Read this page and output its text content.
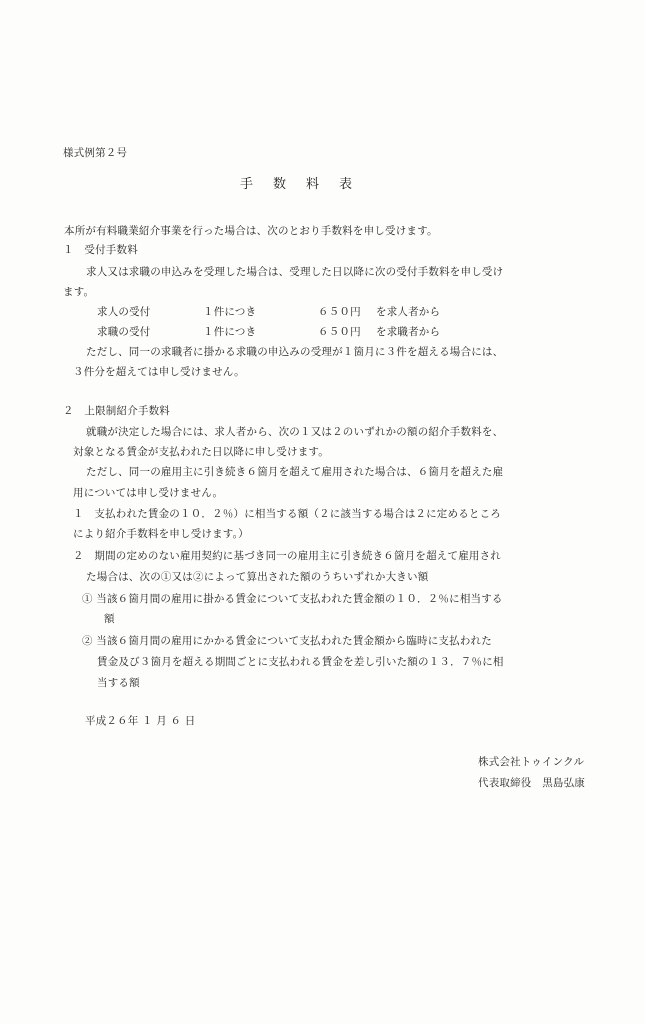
様式例第２号
手 数 料 表
本所が有料職業紹介事業を行った場合は、次のとおり手数料を申し受けます。
１　受付手数料
求人又は求職の申込みを受理した場合は、受理した日以降に次の受付手数料を申し受け
ます。
求人の受付	１件につき	６５０円 を求人者から
求職の受付	１件につき	６５０円 を求職者から
ただし、同一の求職者に掛かる求職の申込みの受理が１箇月に３件を超える場合には、
３件分を超えては申し受けません。
２　上限制紹介手数料
就職が決定した場合には、求人者から、次の１又は２のいずれかの額の紹介手数料を、
対象となる賃金が支払われた日以降に申し受けます。
ただし、同一の雇用主に引き続き６箇月を超えて雇用された場合は、６箇月を超えた雇
用については申し受けません。
１　支払われた賃金の１０．２％）に相当する額（２に該当する場合は２に定めるところ
により紹介手数料を申し受けます。）
２　期間の定めのない雇用契約に基づき同一の雇用主に引き続き６箇月を超えて雇用され
た場合は、次の①又は②によって算出された額のうちいずれか大きい額
① 当該６箇月間の雇用に掛かる賃金について支払われた賃金額の１０．２％に相当する
額
② 当該６箇月間の雇用にかかる賃金について支払われた賃金額から臨時に支払われた
賃金及び３箇月を超える期間ごとに支払われる賃金を差し引いた額の１３．７％に相
当する額
平成２６年 １ 月 ６ 日
株式会社トゥインクル
代表取締役　黒島弘康
